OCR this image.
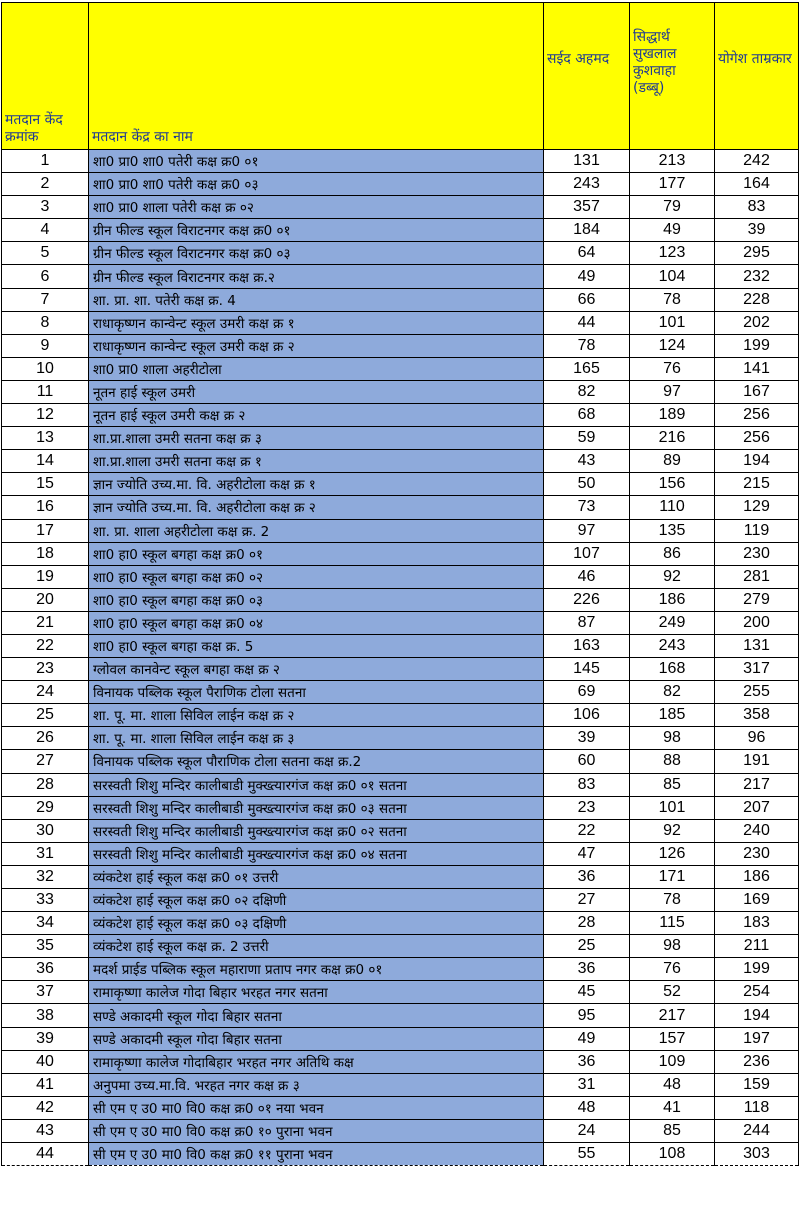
मतदान केंद क्रमांक	मतदान केंद्र का नाम	सईद अहमद	सिद्धार्थ सुखलाल कुशवाहा (डब्बू)	योगेश ताम्रकार
1	शा0 प्रा0 शा0 पतेरी कक्ष क्र0 ०१	131	213	242
2	शा0 प्रा0 शा0 पतेरी कक्ष क्र0 ०३	243	177	164
3	शा0 प्रा0 शाला पतेरी कक्ष क्र ०२	357	79	83
4	ग्रीन फील्ड स्कूल विराटनगर कक्ष क्र0 ०१	184	49	39
5	ग्रीन फील्ड स्कूल विराटनगर कक्ष क्र0 ०३	64	123	295
6	ग्रीन फील्ड स्कूल विराटनगर कक्ष क्र.२	49	104	232
7	शा. प्रा. शा. पतेरी कक्ष क्र. 4	66	78	228
8	राधाकृष्णन कान्वेन्ट स्कूल उमरी कक्ष क्र १	44	101	202
9	राधाकृष्णन कान्वेन्ट स्कूल उमरी कक्ष क्र २	78	124	199
10	शा0 प्रा0 शाला अहरीटोला	165	76	141
11	नूतन हाई स्कूल उमरी	82	97	167
12	नूतन हाई स्कूल उमरी कक्ष क्र २	68	189	256
13	शा.प्रा.शाला उमरी सतना कक्ष क्र ३	59	216	256
14	शा.प्रा.शाला उमरी सतना कक्ष क्र १	43	89	194
15	ज्ञान ज्योति उच्य.मा. वि. अहरीटोला कक्ष क्र १	50	156	215
16	ज्ञान ज्योति उच्य.मा. वि. अहरीटोला कक्ष क्र २	73	110	129
17	शा. प्रा. शाला अहरीटोला कक्ष क्र. 2	97	135	119
18	शा0 हा0 स्कूल बगहा कक्ष क्र0 ०१	107	86	230
19	शा0 हा0 स्कूल बगहा कक्ष क्र0 ०२	46	92	281
20	शा0 हा0 स्कूल बगहा कक्ष क्र0 ०३	226	186	279
21	शा0 हा0 स्कूल बगहा कक्ष क्र0 ०४	87	249	200
22	शा0 हा0 स्कूल बगहा कक्ष क्र. 5	163	243	131
23	ग्लोवल कानवेन्ट स्कूल बगहा कक्ष क्र २	145	168	317
24	विनायक पब्लिक स्कूल पैराणिक टोला सतना	69	82	255
25	शा. पू. मा. शाला सिविल लाईन कक्ष क्र २	106	185	358
26	शा. पू. मा. शाला सिविल लाईन कक्ष क्र ३	39	98	96
27	विनायक पब्लिक स्कूल पौराणिक टोला सतना कक्ष क्र.2	60	88	191
28	सरस्वती शिशु मन्दिर कालीबाडी मुक्ख्त्यारगंज कक्ष क्र0 ०१ सतना	83	85	217
29	सरस्वती शिशु मन्दिर कालीबाडी मुक्ख्त्यारगंज कक्ष क्र0 ०३ सतना	23	101	207
30	सरस्वती शिशु मन्दिर कालीबाडी मुक्ख्त्यारगंज कक्ष क्र0 ०२ सतना	22	92	240
31	सरस्वती शिशु मन्दिर कालीबाडी मुक्ख्त्यारगंज कक्ष क्र0 ०४ सतना	47	126	230
32	व्यंकटेश हाई स्कूल कक्ष क्र0 ०१ उत्तरी	36	171	186
33	व्यंकटेश हाई स्कूल कक्ष क्र0 ०२ दक्षिणी	27	78	169
34	व्यंकटेश हाई स्कूल कक्ष क्र0 ०३ दक्षिणी	28	115	183
35	व्यंकटेश हाई स्कूल कक्ष क्र. 2 उत्तरी	25	98	211
36	मदर्श प्राईड पब्लिक स्कूल महाराणा प्रताप नगर कक्ष क्र0 ०१	36	76	199
37	रामाकृष्णा कालेज गोदा बिहार भरहत नगर सतना	45	52	254
38	सण्डे अकादमी स्कूल गोदा बिहार सतना	95	217	194
39	सण्डे अकादमी स्कूल गोदा बिहार सतना	49	157	197
40	रामाकृष्णा कालेज गोदाबिहार भरहत नगर अतिथि कक्ष	36	109	236
41	अनुपमा उच्य.मा.वि. भरहत नगर कक्ष क्र ३	31	48	159
42	सी एम ए उ0 मा0 वि0 कक्ष क्र0 ०१ नया भवन	48	41	118
43	सी एम ए उ0 मा0 वि0 कक्ष क्र0 १० पुराना भवन	24	85	244
44	सी एम ए उ0 मा0 वि0 कक्ष क्र0 ११ पुराना भवन	55	108	303
